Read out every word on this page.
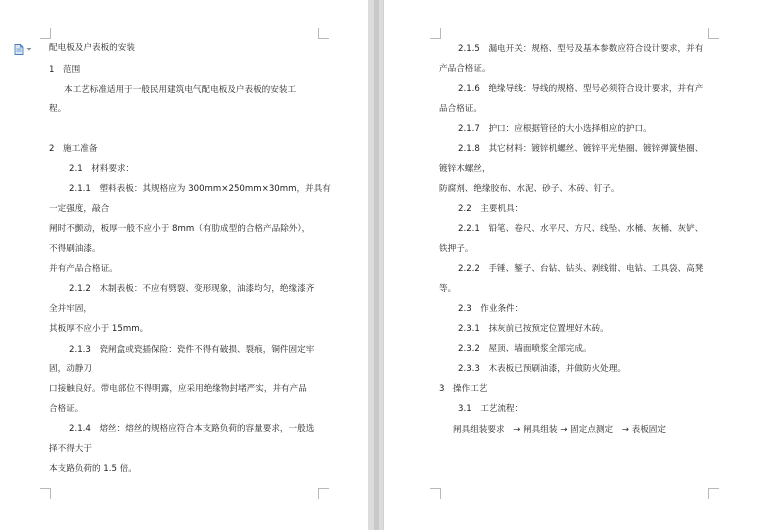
配电板及户表板的安装
1　范围
本工艺标准适用于一般民用建筑电气配电板及户表板的安装工
程。
2　施工准备
2.1　材料要求：
2.1.1　塑料表板：其规格应为 300mm×250mm×30mm，并具有
一定强度，敲合
闸时不颤动，板厚一般不应小于 8mm（有肋成型的合格产品除外），
不得刷油漆。
并有产品合格证。
2.1.2　木制表板：不应有劈裂、变形现象，油漆均匀，绝缘漆齐
全并牢固，
其板厚不应小于 15mm。
2.1.3　瓷闸盒或瓷插保险：瓷件不得有破损、裂痕，铜件固定牢
固，动静刀
口接触良好。带电部位不得明露，应采用绝缘物封堵严实，并有产品
合格证。
2.1.4　熔丝：熔丝的规格应符合本支路负荷的容量要求，一般选
择不得大于
本支路负荷的 1.5 倍。
2.1.5　漏电开关：规格、型号及基本参数应符合设计要求，并有
产品合格证。
2.1.6　绝缘导线：导线的规格、型号必须符合设计要求，并有产
品合格证。
2.1.7　护口：应根据管径的大小选择相应的护口。
2.1.8　其它材料：镀锌机螺丝、镀锌平光垫圈、镀锌弹簧垫圈、
镀锌木螺丝，
防腐剂、绝缘胶布、水泥、砂子、木砖、钉子。
2.2　主要机具：
2.2.1　铅笔、卷尺、水平尺、方尺、线坠、水桶、灰桶、灰铲、
铁押子。
2.2.2　手锤、錾子、台钻、钻头、剥线钳、电钻、工具袋、高凳
等。
2.3　作业条件：
2.3.1　抹灰前已按预定位置埋好木砖。
2.3.2　屋顶、墙面喷浆全部完成。
2.3.3　木表板已预刷油漆，并做防火处理。
3　操作工艺
3.1　工艺流程：
闸具组装要求　→ 闸具组装 → 固定点测定　→ 表板固定
